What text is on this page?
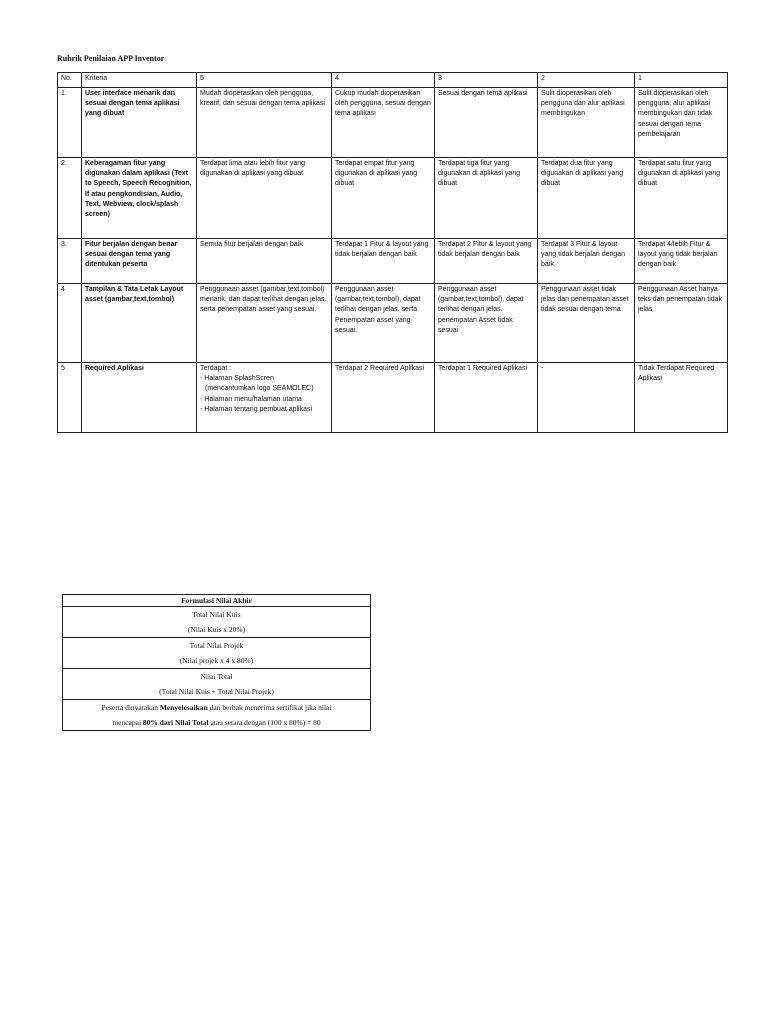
Rubrik Penilaian APP Inventor
No.	Kriteria	5	4	3	2	1
1.	User interface menarik dan sesuai dengan tema aplikasi yang dibuat	Mudah dioperasikan oleh pengguna, kreatif, dan sesuai dengan tema aplikasi	Cukup mudah dioperasikan oleh pengguna, sesuai dengan tema aplikasi	Sesuai dengan tema aplikasi	Sulit dioperasikan oleh pengguna dan alur aplikasi membingukan	Sulit dioperasikan oleh pengguna, alur aplikasi membingukan dan tidak sesuai dengan tema pembelajaran
2.	Keberagaman fitur yang digunakan dalam aplikasi (Text to Speech, Speech Recognition, If atau pengkondisian, Audio, Text, Webview, clock/splash screen)	Terdapat lima atau lebih fitur yang digunakan di aplikasi yang dibuat	Terdapat empat fitur yang digunakan di aplikasi yang dibuat	Terdapat tiga fitur yang digunakan di aplikasi yang dibuat	Terdapat dua fitur yang digunakan di aplikasi yang dibuat	Terdapat satu fitur yang digunakan di aplikasi yang dibuat
3.	Fitur berjalan dengan benar sesuai dengan tema yang ditentukan peserta	Semua fitur berjalan dengan baik	Terdapat 1 Fitur & layout yang tidak berjalan dengan baik	Terdapat 2 Fitur & layout yang tidak berjalan dengan baik	Terdapat 3 Fitur & layout yang tidak berjalan dengan baik	Terdapat 4/lebih Fitur & layout yang tidak berjalan dengan baik
4	Tampilan & Tata Letak Layout asset (gambar,text,tombol)	Penggunaan asset (gambar,text,tombol) menarik, dan dapat terlihat dengan jelas. serta penempatan asset yang sesuai.	Penggunaan asset (gambar,text,tombol), dapat terlihat dengan jelas. serta Penempatan asset yang sesuai.	Penggunaan asset (gambar,text,tombol), dapat terlihat dengan jelas. penempatan Asset tidak sesuai	Penggunaan asset tidak jelas dan penempatan asset tidak sesuai dengan tema	Penggunaan Asset hanya teks dan penempatan tidak jelas
5	Required Aplikasi	Terdapat :
- Halaman SplashScren
(mencantumkan logo SEAMOLEC)
- Halaman menu/halaman utama
- Halaman tentang pembuat aplikasi	Terdapat 2 Required Aplikasi	Terdapat 1 Required Aplikasi	-	Tidak Terdapat Required Aplikasi
Formulasi Nilai Akhir

Total Nilai Kuis
(Nilai Kuis x 20%)

Total Nilai Projek
(Nilai projek x 4 x 80%)

Nilai Total
(Total Nilai Kuis + Total Nilai Projek)

Peserta dinyatakan Menyelesaikan dan berhak menerima sertifikat jika nilai
mencapai 80% dari Nilai Total atau setara dengan (100 x 80%) = 80
